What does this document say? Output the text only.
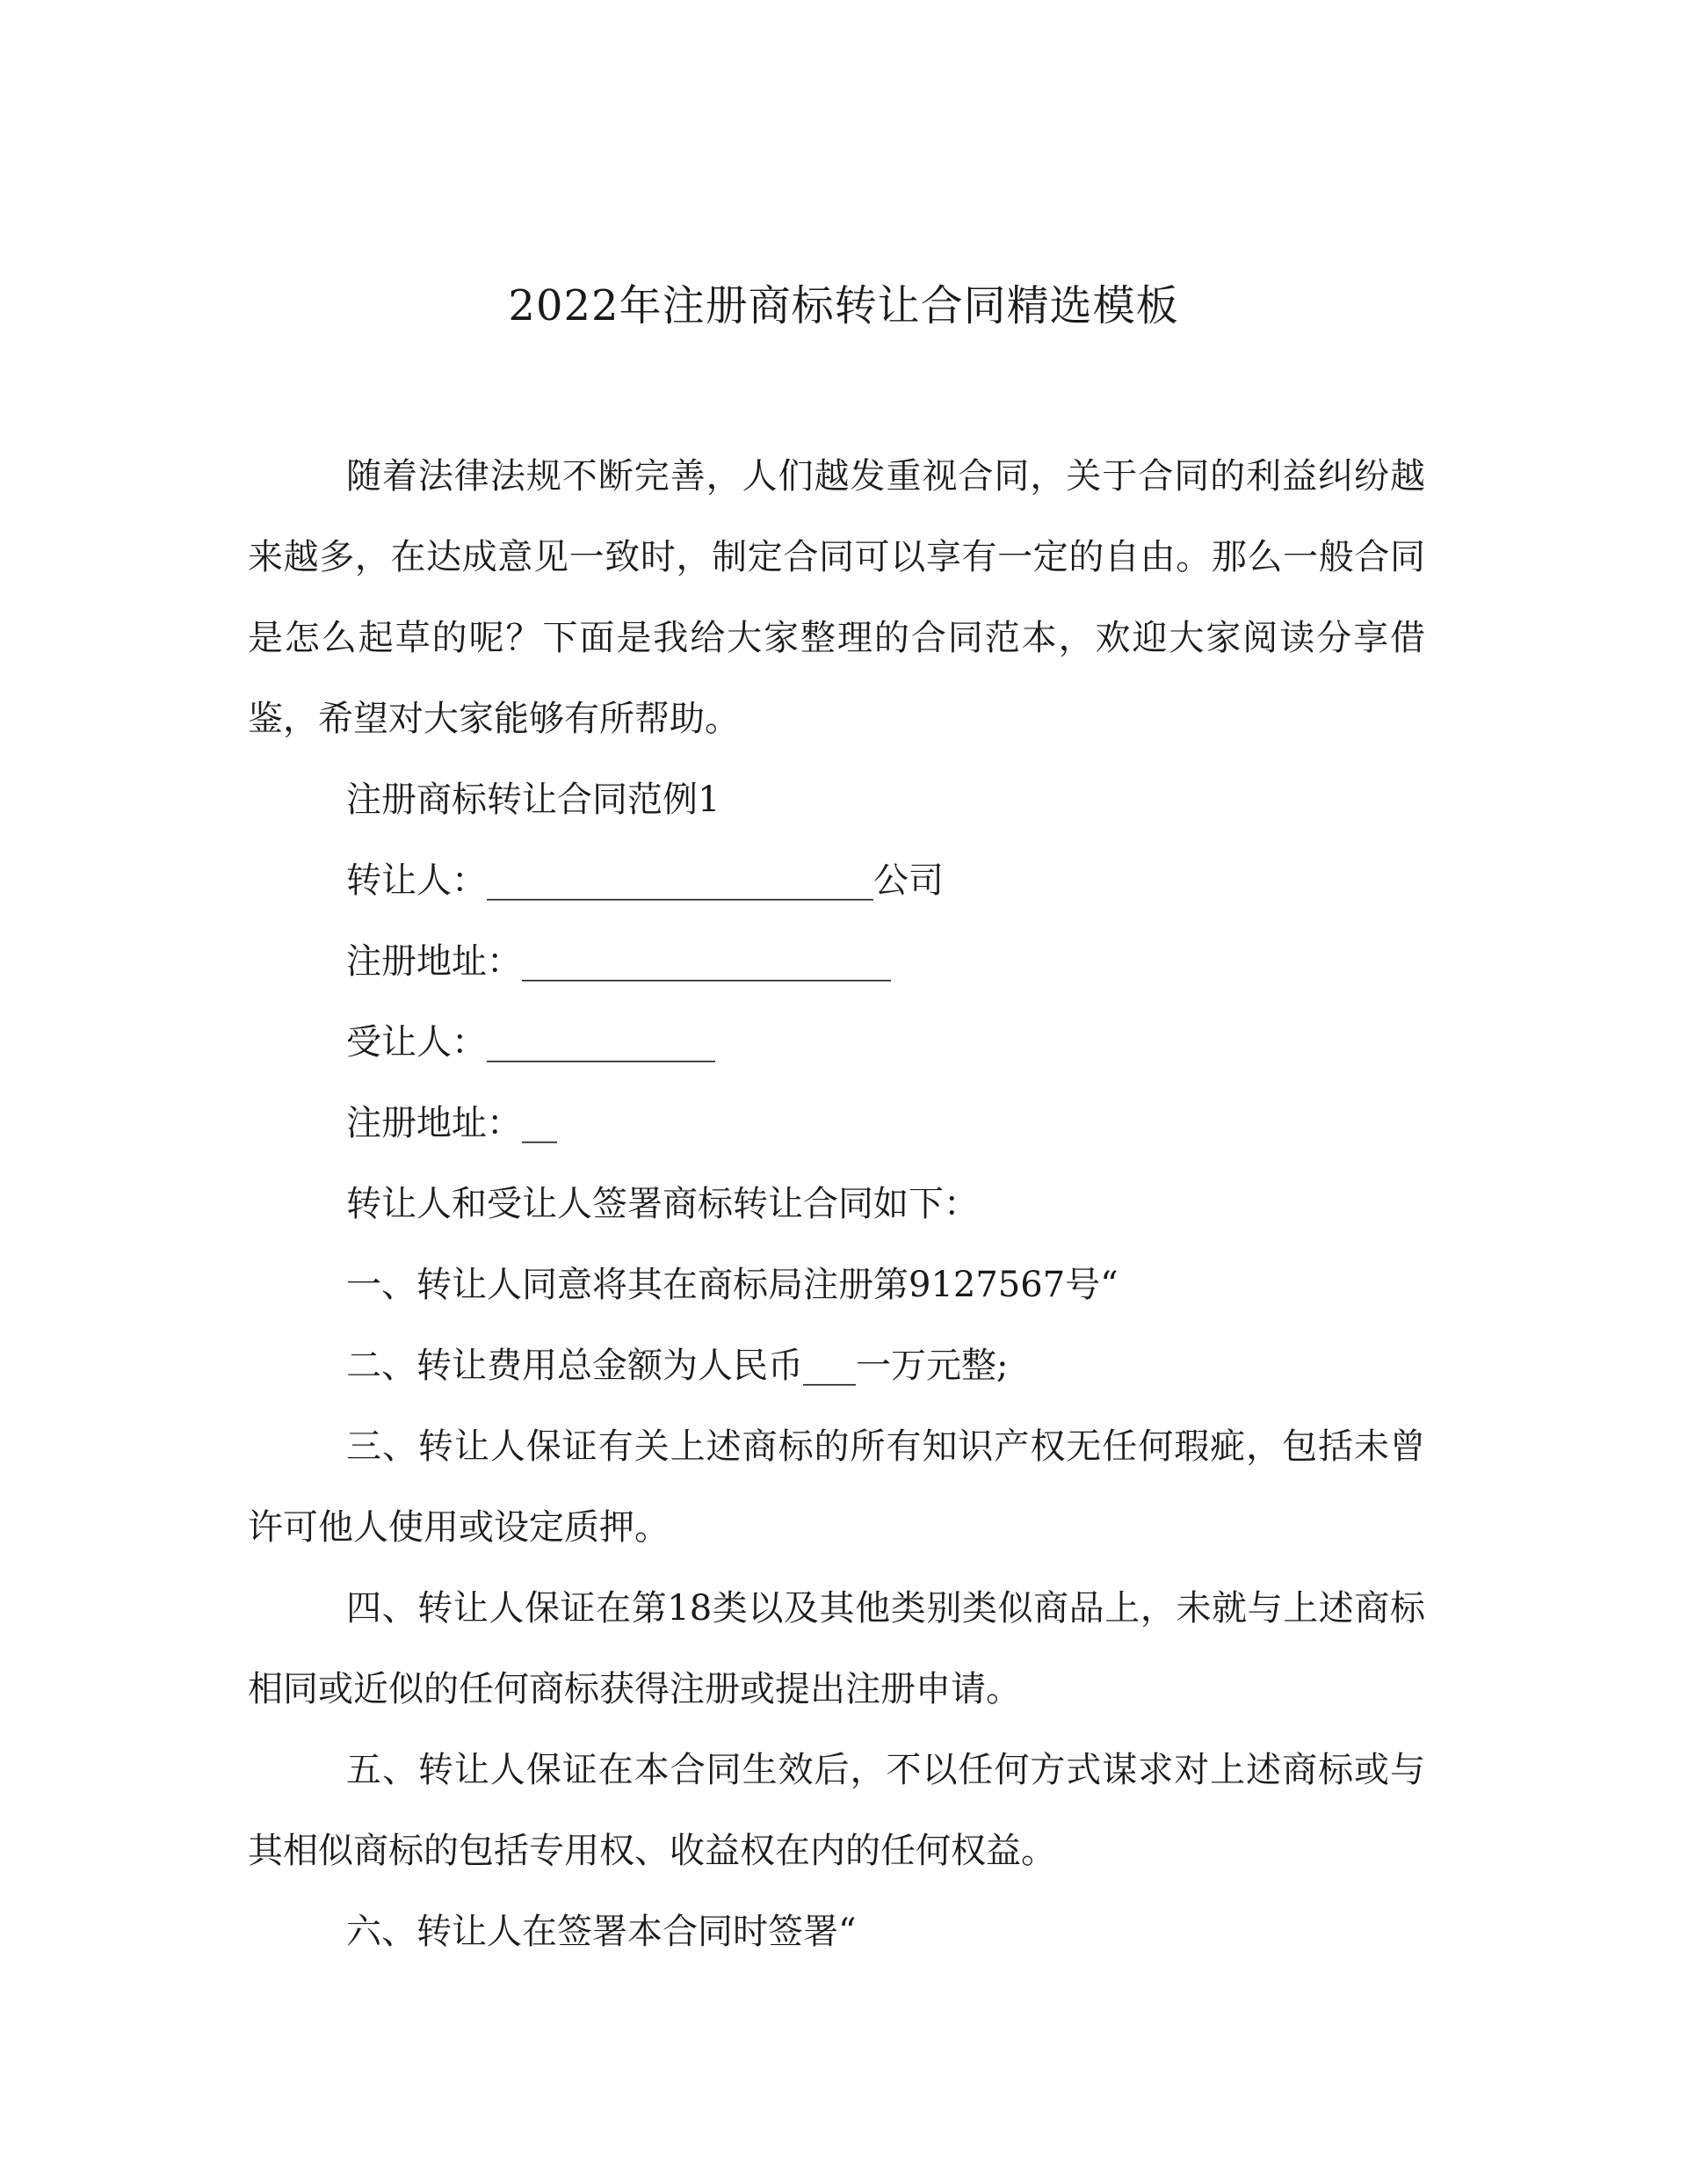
2022年注册商标转让合同精选模板

随着法律法规不断完善，人们越发重视合同，关于合同的利益纠纷越来越多，在达成意见一致时，制定合同可以享有一定的自由。那么一般合同是怎么起草的呢？下面是我给大家整理的合同范本，欢迎大家阅读分享借鉴，希望对大家能够有所帮助。

注册商标转让合同范例1

转让人：______________________公司

注册地址：_____________________

受让人：_____________

注册地址：__

转让人和受让人签署商标转让合同如下：

一、转让人同意将其在商标局注册第9127567号“

二、转让费用总金额为人民币___一万元整;

三、转让人保证有关上述商标的所有知识产权无任何瑕疵，包括未曾许可他人使用或设定质押。

四、转让人保证在第18类以及其他类别类似商品上，未就与上述商标相同或近似的任何商标获得注册或提出注册申请。

五、转让人保证在本合同生效后，不以任何方式谋求对上述商标或与其相似商标的包括专用权、收益权在内的任何权益。

六、转让人在签署本合同时签署“
